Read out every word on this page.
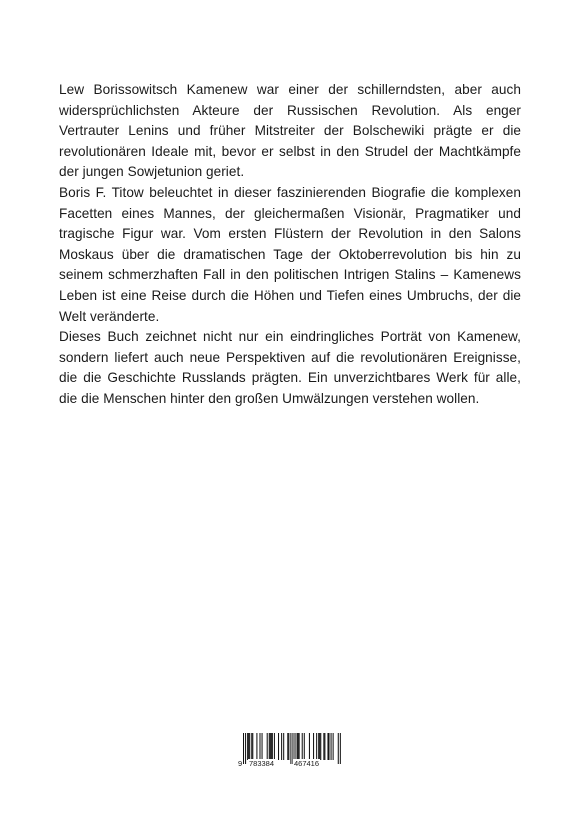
Lew Borissowitsch Kamenew war einer der schillerndsten, aber auch widersprüchlichsten Akteure der Russischen Revolution. Als enger Vertrauter Lenins und früher Mitstreiter der Bolschewiki prägte er die revolutionären Ideale mit, bevor er selbst in den Strudel der Machtkämpfe der jungen Sowjetunion geriet.

Boris F. Titow beleuchtet in dieser faszinierenden Biografie die komplexen Facetten eines Mannes, der gleichermaßen Visionär, Pragmatiker und tragische Figur war. Vom ersten Flüstern der Revolution in den Salons Moskaus über die dramatischen Tage der Oktoberrevolution bis hin zu seinem schmerzhaften Fall in den politischen Intrigen Stalins – Kamenews Leben ist eine Reise durch die Höhen und Tiefen eines Umbruchs, der die Welt veränderte.

Dieses Buch zeichnet nicht nur ein eindringliches Porträt von Kamenew, sondern liefert auch neue Perspektiven auf die revolutionären Ereignisse, die die Geschichte Russlands prägten. Ein unverzichtbares Werk für alle, die die Menschen hinter den großen Umwälzungen verstehen wollen.

9 783384	467416
